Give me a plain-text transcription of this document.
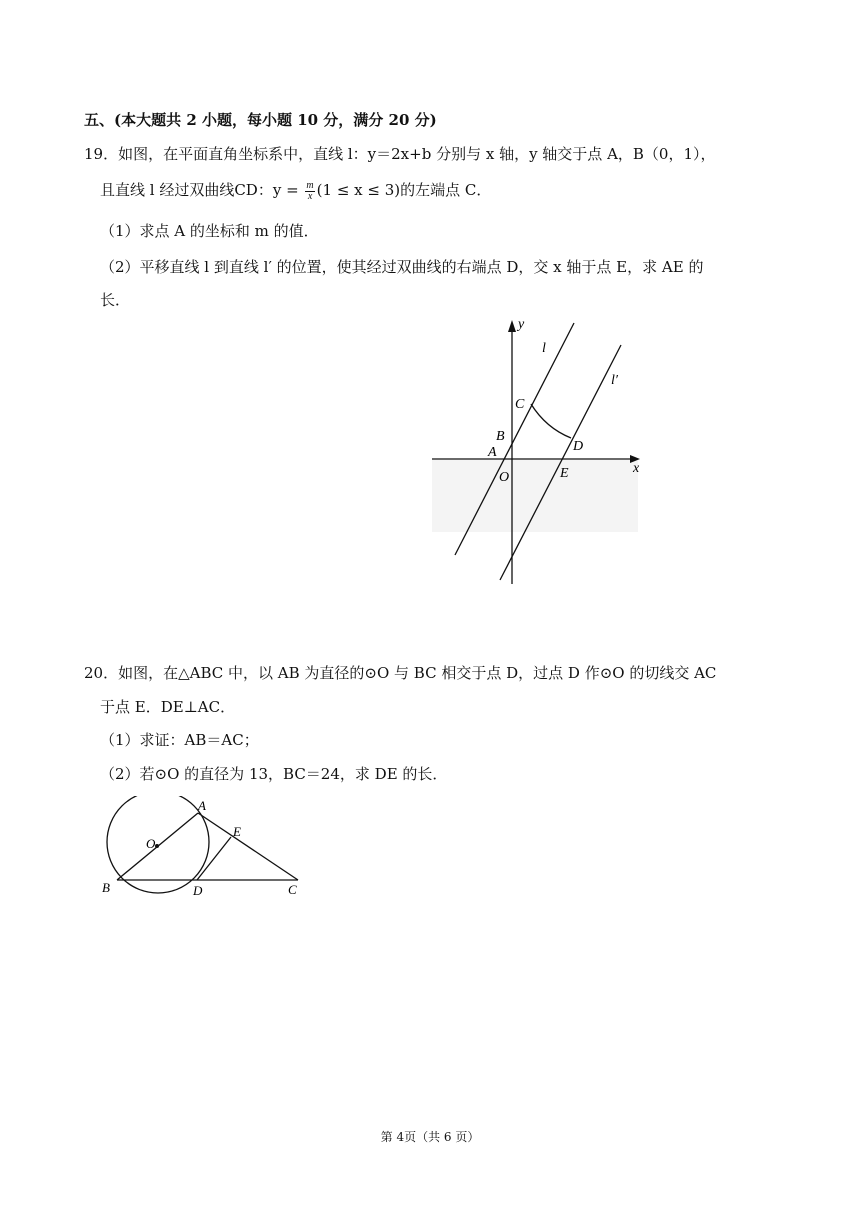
五、(本大题共 2 小题，每小题 10 分，满分 20 分)
19．如图，在平面直角坐标系中，直线 l：y＝2x+b 分别与 x 轴，y 轴交于点 A，B（0，1），
且直线 l 经过双曲线CD：$y = \frac{m}{x} (1 \le x \le 3)$的左端点 C．
（1）求点 A 的坐标和 m 的值．
（2）平移直线 l 到直线 l′ 的位置，使其经过双曲线的右端点 D，交 x 轴于点 E，求 AE 的
长．
y
x
l
l′
C
B
A
O
D
E
20．如图，在△ABC 中，以 AB 为直径的⊙O 与 BC 相交于点 D，过点 D 作⊙O 的切线交 AC
于点 E．DE⊥AC．
（1）求证：AB＝AC；
（2）若⊙O 的直径为 13，BC＝24，求 DE 的长．
A
E
O
B	D	C
第 4页（共 6 页）
